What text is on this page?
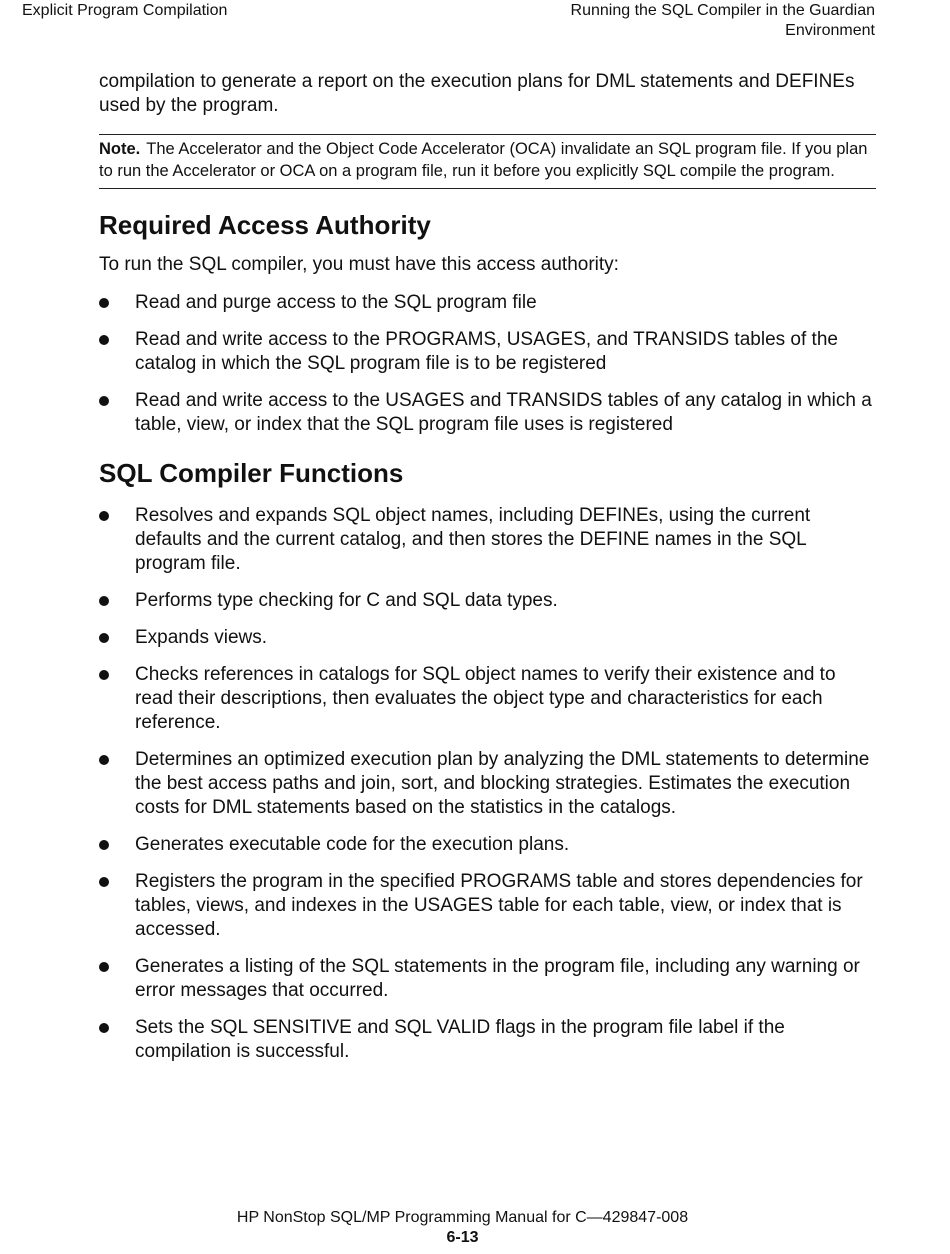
Explicit Program Compilation	Running the SQL Compiler in the Guardian
Environment

compilation to generate a report on the execution plans for DML statements and DEFINEs used by the program.

Note. The Accelerator and the Object Code Accelerator (OCA) invalidate an SQL program file. If you plan to run the Accelerator or OCA on a program file, run it before you explicitly SQL compile the program.
Required Access Authority

To run the SQL compiler, you must have this access authority:

Read and purge access to the SQL program file
Read and write access to the PROGRAMS, USAGES, and TRANSIDS tables of the catalog in which the SQL program file is to be registered
Read and write access to the USAGES and TRANSIDS tables of any catalog in which a table, view, or index that the SQL program file uses is registered
SQL Compiler Functions
Resolves and expands SQL object names, including DEFINEs, using the current defaults and the current catalog, and then stores the DEFINE names in the SQL program file.
Performs type checking for C and SQL data types.
Expands views.
Checks references in catalogs for SQL object names to verify their existence and to read their descriptions, then evaluates the object type and characteristics for each reference.
Determines an optimized execution plan by analyzing the DML statements to determine the best access paths and join, sort, and blocking strategies. Estimates the execution costs for DML statements based on the statistics in the catalogs.
Generates executable code for the execution plans.
Registers the program in the specified PROGRAMS table and stores dependencies for tables, views, and indexes in the USAGES table for each table, view, or index that is accessed.
Generates a listing of the SQL statements in the program file, including any warning or error messages that occurred.
Sets the SQL SENSITIVE and SQL VALID flags in the program file label if the compilation is successful.
HP NonStop SQL/MP Programming Manual for C—429847-008
6-13
